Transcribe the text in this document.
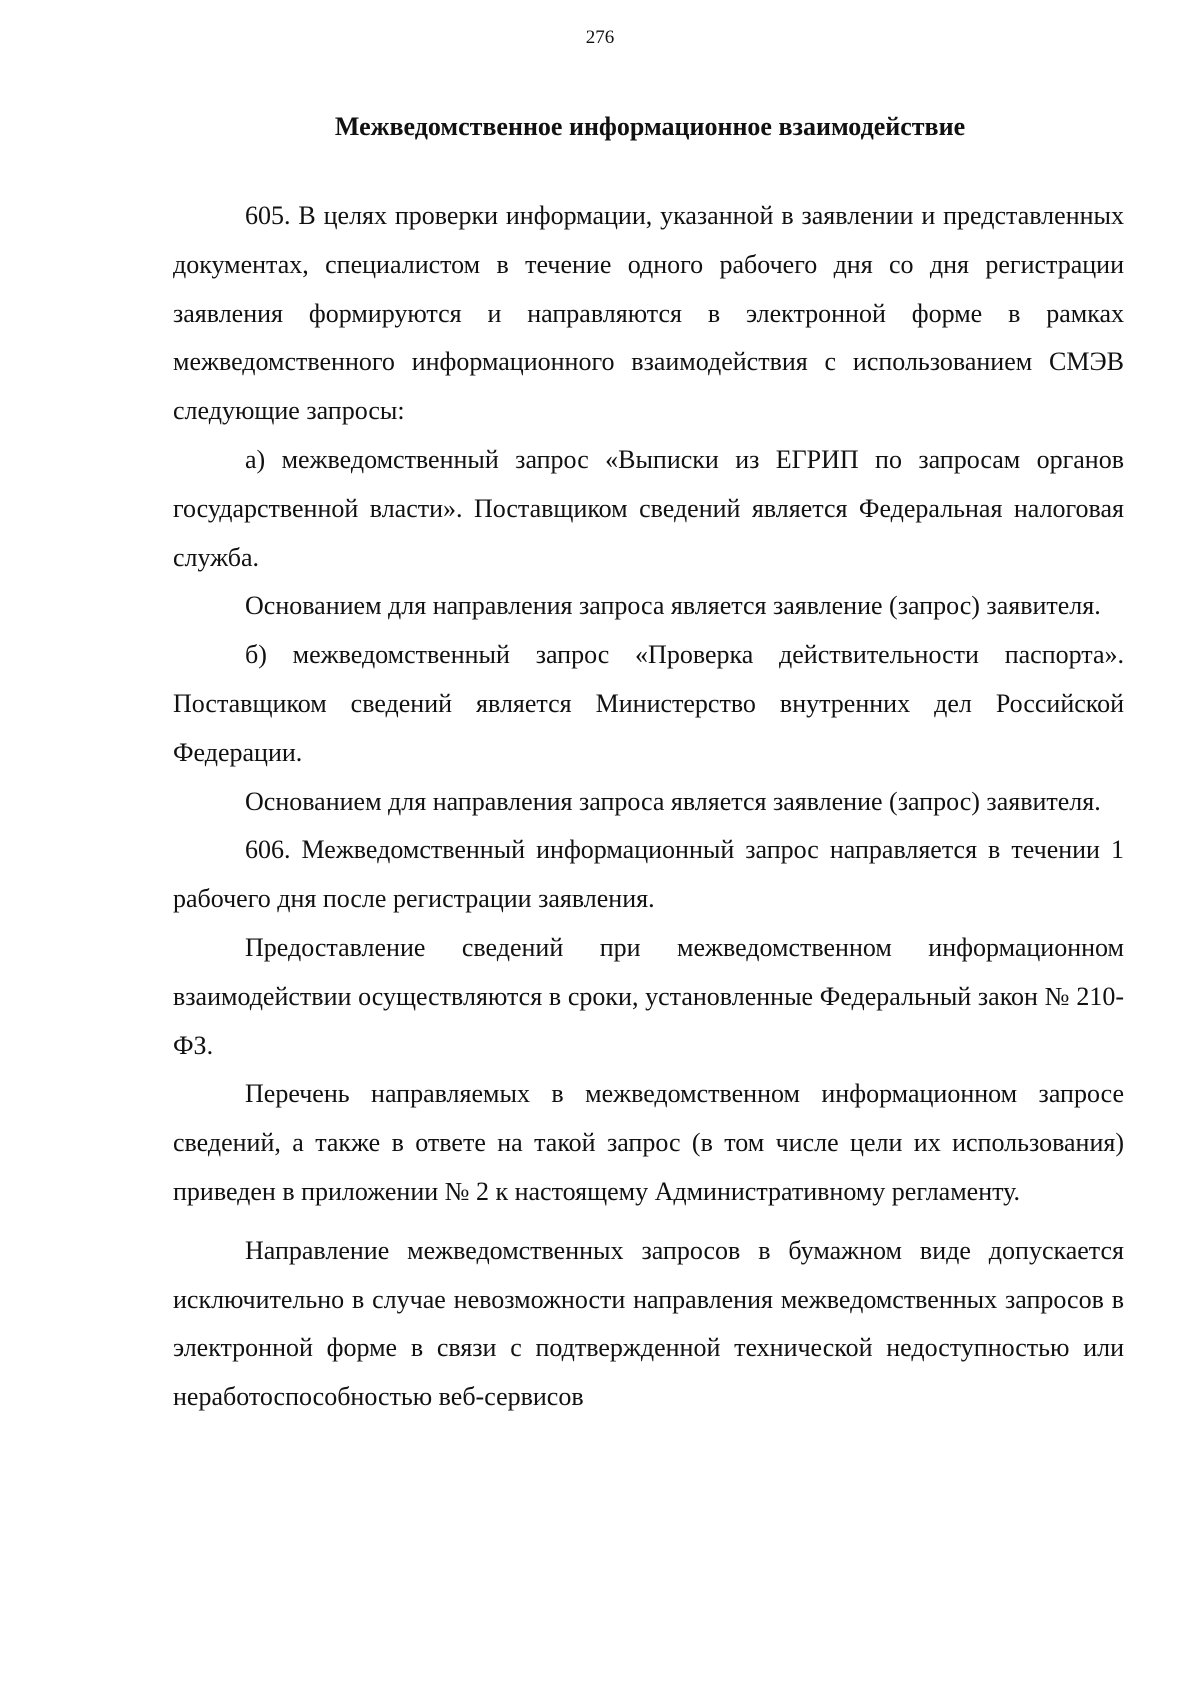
276
Межведомственное информационное взаимодействие

605. В целях проверки информации, указанной в заявлении и представленных документах, специалистом в течение одного рабочего дня со дня регистрации заявления формируются и направляются в электронной форме в рамках межведомственного информационного взаимодействия с использованием СМЭВ следующие запросы:

а) межведомственный запрос «Выписки из ЕГРИП по запросам органов государственной власти». Поставщиком сведений является Федеральная налоговая служба.

Основанием для направления запроса является заявление (запрос) заявителя.

б) межведомственный запрос «Проверка действительности паспорта». Поставщиком сведений является Министерство внутренних дел Российской Федерации.

Основанием для направления запроса является заявление (запрос) заявителя.

606. Межведомственный информационный запрос направляется в течении 1 рабочего дня после регистрации заявления.

Предоставление сведений при межведомственном информационном взаимодействии осуществляются в сроки, установленные Федеральный закон № 210-ФЗ.

Перечень направляемых в межведомственном информационном запросе сведений, а также в ответе на такой запрос (в том числе цели их использования) приведен в приложении № 2 к настоящему Административному регламенту.

Направление межведомственных запросов в бумажном виде допускается исключительно в случае невозможности направления межведомственных запросов в электронной форме в связи с подтвержденной технической недоступностью или неработоспособностью веб-сервисов
